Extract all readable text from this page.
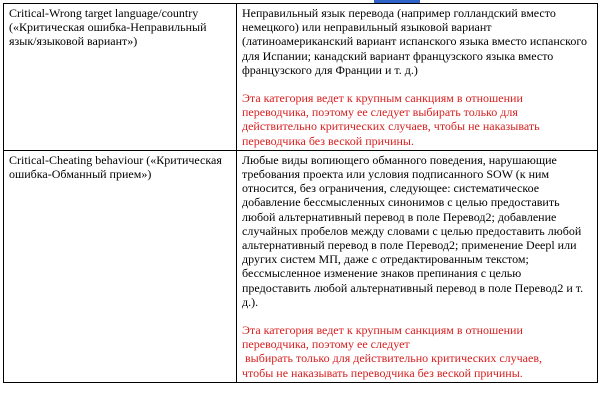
Critical-Wrong target language/country («Критическая ошибка-Неправильный язык/языковой вариант»)	Неправильный язык перевода (например голландский вместо немецкого) или неправильный языковой вариант (латиноамериканский вариант испанского языка вместо испанского для Испании; канадский вариант французского языка вместо французского для Франции и т. д.)

Эта категория ведет к крупным санкциям в отношении переводчика, поэтому ее следует выбирать только для действительно критических случаев, чтобы не наказывать переводчика без веской причины.

Critical-Cheating behaviour («Критическая ошибка-Обманный прием»)	Любые виды вопиющего обманного поведения, нарушающие требования проекта или условия подписанного SOW (к ним относится, без ограничения, следующее: систематическое добавление бессмысленных синонимов с целью предоставить любой альтернативный перевод в поле Перевод2; добавление случайных пробелов между словами с целью предоставить любой альтернативный перевод в поле Перевод2; применение Deepl или других систем МП, даже с отредактированным текстом; бессмысленное изменение знаков препинания с целью предоставить любой альтернативный перевод в поле Перевод2 и т. д.).

Эта категория ведет к крупным санкциям в отношении переводчика, поэтому ее следует
выбирать только для действительно критических случаев,
чтобы не наказывать переводчика без веской причины.
